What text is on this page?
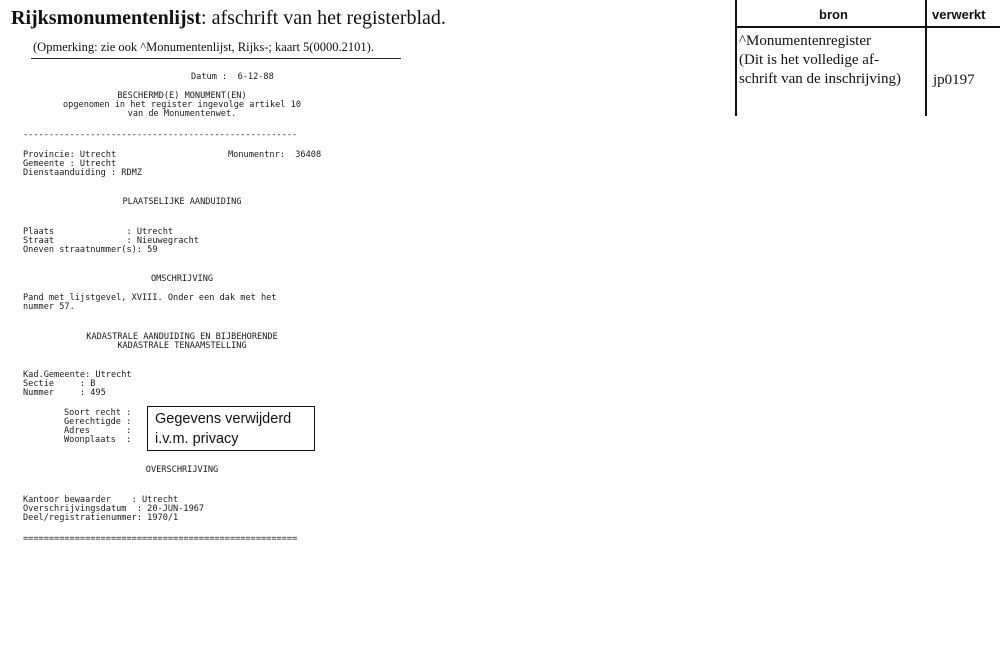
Rijksmonumentenlijst: afschrift van het registerblad.
(Opmerking: zie ook ^Monumentenlijst, Rijks-; kaart 5(0000.2101).
Datum :  6-12-88
BESCHERMD(E) MONUMENT(EN)
opgenomen in het register ingevolge artikel 10
van de Monumentenwet.
-----------------------------------------------------
Provincie: Utrecht	Monumentnr:  36408
Gemeente : Utrecht
Dienstaanduiding : RDMZ
PLAATSELIJKE AANDUIDING
Plaats              : Utrecht
Straat              : Nieuwegracht
Oneven straatnummer(s): 59
OMSCHRIJVING
Pand met lijstgevel, XVIII. Onder een dak met het
nummer 57.
KADASTRALE AANDUIDING EN BIJBEHORENDE
KADASTRALE TENAAMSTELLING
Kad.Gemeente: Utrecht
Sectie     : B
Nummer     : 495
Soort recht :
Gerechtigde :
Adres       :
Woonplaats  :
Gegevens verwijderd
i.v.m. privacy
OVERSCHRIJVING
Kantoor bewaarder    : Utrecht
Overschrijvingsdatum  : 20-JUN-1967
Deel/registratienummer: 1970/1
=====================================================
bron	verwerkt
^Monumentenregister
(Dit is het volledige af-
schrift van de inschrijving) jp0197
